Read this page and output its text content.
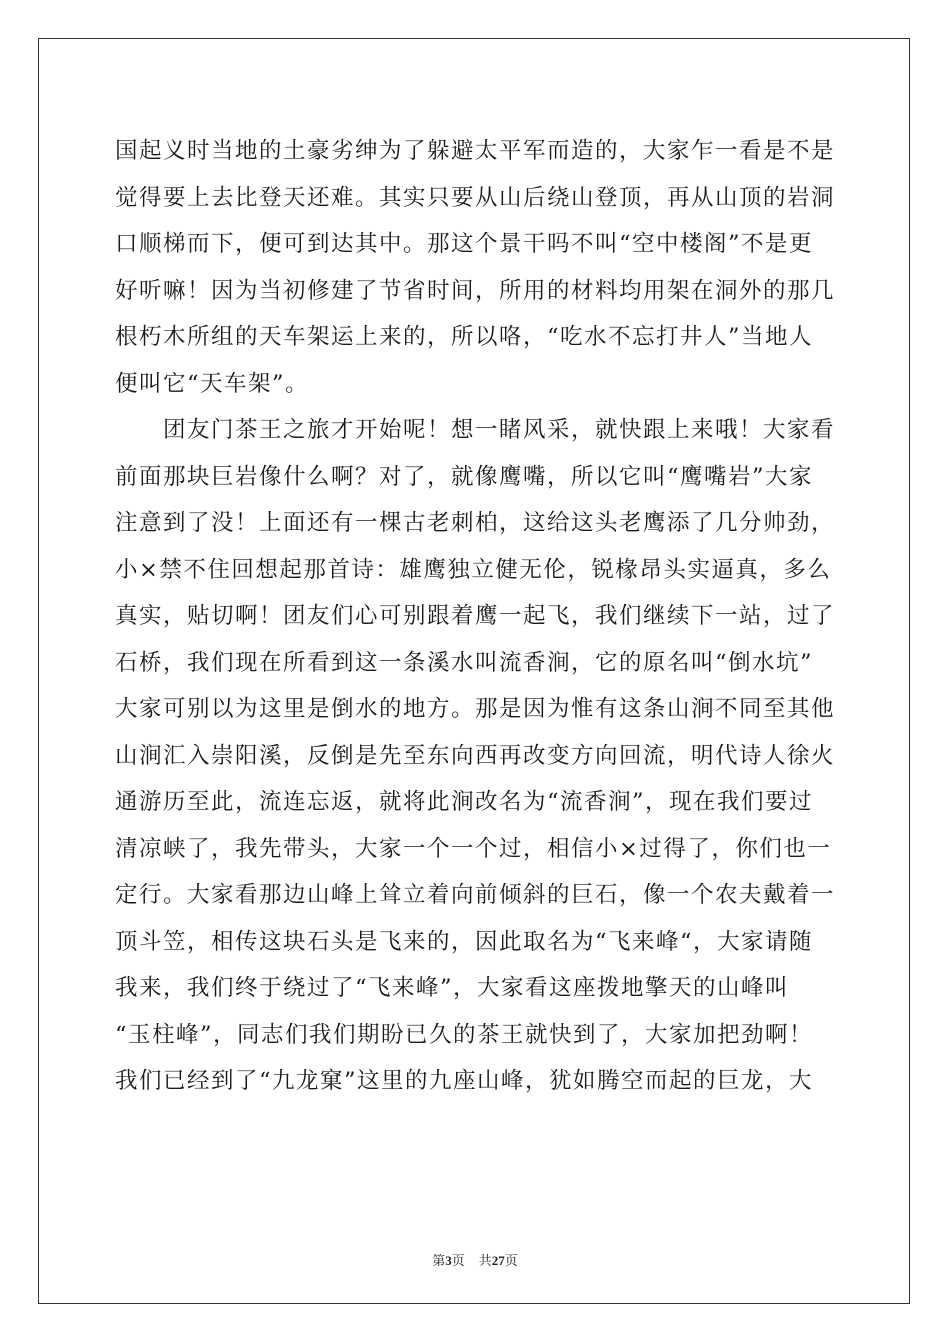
国起义时当地的土豪劣绅为了躲避太平军而造的，大家乍一看是不是
觉得要上去比登天还难。其实只要从山后绕山登顶，再从山顶的岩洞
口顺梯而下，便可到达其中。那这个景干吗不叫“空中楼阁”不是更
好听嘛！因为当初修建了节省时间，所用的材料均用架在洞外的那几
根朽木所组的天车架运上来的，所以咯，“吃水不忘打井人”当地人
便叫它“天车架”。
团友门茶王之旅才开始呢！想一睹风采，就快跟上来哦！大家看
前面那块巨岩像什么啊？对了，就像鹰嘴，所以它叫“鹰嘴岩”大家
注意到了没！上面还有一棵古老刺柏，这给这头老鹰添了几分帅劲，
小×禁不住回想起那首诗：雄鹰独立健无伦，锐椽昂头实逼真，多么
真实，贴切啊！团友们心可别跟着鹰一起飞，我们继续下一站，过了
石桥，我们现在所看到这一条溪水叫流香涧，它的原名叫“倒水坑”
大家可别以为这里是倒水的地方。那是因为惟有这条山涧不同至其他
山涧汇入崇阳溪，反倒是先至东向西再改变方向回流，明代诗人徐火
通游历至此，流连忘返，就将此涧改名为“流香涧”，现在我们要过
清凉峡了，我先带头，大家一个一个过，相信小×过得了，你们也一
定行。大家看那边山峰上耸立着向前倾斜的巨石，像一个农夫戴着一
顶斗笠，相传这块石头是飞来的，因此取名为“飞来峰“，大家请随
我来，我们终于绕过了“飞来峰”，大家看这座拨地擎天的山峰叫
“玉柱峰”，同志们我们期盼已久的茶王就快到了，大家加把劲啊！
我们已经到了“九龙窠”这里的九座山峰，犹如腾空而起的巨龙，大
第3页 共27页
